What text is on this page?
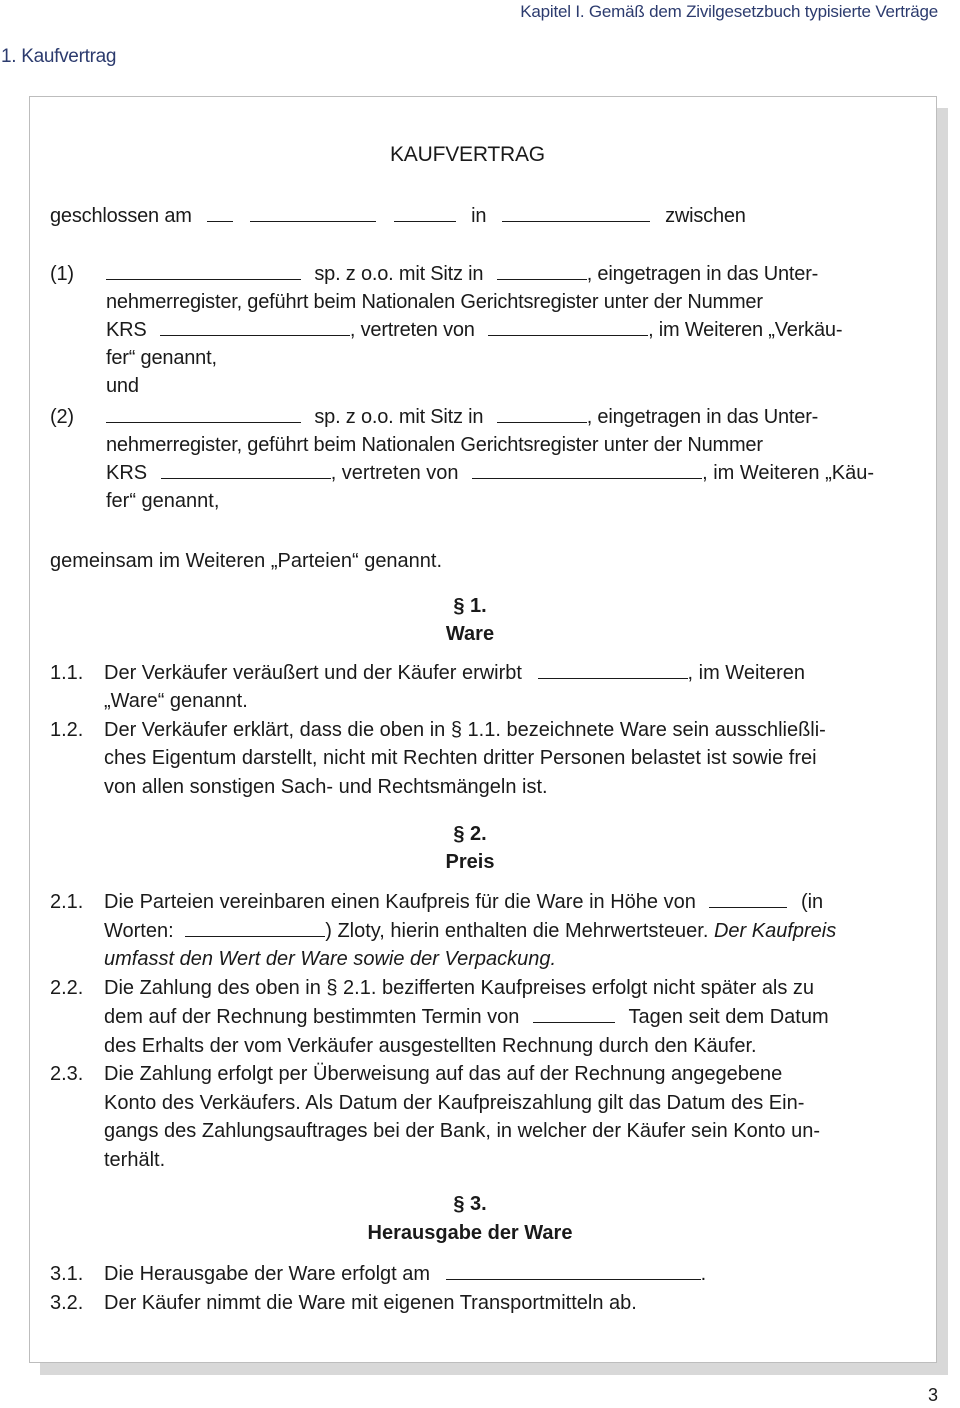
Kapitel I. Gemäß dem Zivilgesetzbuch typisierte Verträge
1. Kaufvertrag
KAUFVERTRAG
geschlossen am	in	zwischen
(1)	sp. z o.o. mit Sitz in	, eingetragen in das Unter-
nehmerregister, geführt beim Nationalen Gerichtsregister unter der Nummer
KRS	, vertreten von	, im Weiteren „Verkäu-
fer“ genannt,
und
(2)	sp. z o.o. mit Sitz in	, eingetragen in das Unter-
nehmerregister, geführt beim Nationalen Gerichtsregister unter der Nummer
KRS	, vertreten von	, im Weiteren „Käu-
fer“ genannt,
gemeinsam im Weiteren „Parteien“ genannt.
§ 1.
Ware
1.1. Der Verkäufer veräußert und der Käufer erwirbt	, im Weiteren
„Ware“ genannt.
1.2. Der Verkäufer erklärt, dass die oben in § 1.1. bezeichnete Ware sein ausschließli-
ches Eigentum darstellt, nicht mit Rechten dritter Personen belastet ist sowie frei
von allen sonstigen Sach- und Rechtsmängeln ist.
§ 2.
Preis
2.1. Die Parteien vereinbaren einen Kaufpreis für die Ware in Höhe von	(in
Worten:	) Zloty, hierin enthalten die Mehrwertsteuer. Der Kaufpreis
umfasst den Wert der Ware sowie der Verpackung.
2.2. Die Zahlung des oben in § 2.1. bezifferten Kaufpreises erfolgt nicht später als zu
dem auf der Rechnung bestimmten Termin von	Tagen seit dem Datum
des Erhalts der vom Verkäufer ausgestellten Rechnung durch den Käufer.
2.3. Die Zahlung erfolgt per Überweisung auf das auf der Rechnung angegebene
Konto des Verkäufers. Als Datum der Kaufpreiszahlung gilt das Datum des Ein-
gangs des Zahlungsauftrages bei der Bank, in welcher der Käufer sein Konto un-
terhält.
§ 3.
Herausgabe der Ware
3.1. Die Herausgabe der Ware erfolgt am	.
3.2. Der Käufer nimmt die Ware mit eigenen Transportmitteln ab.
3
